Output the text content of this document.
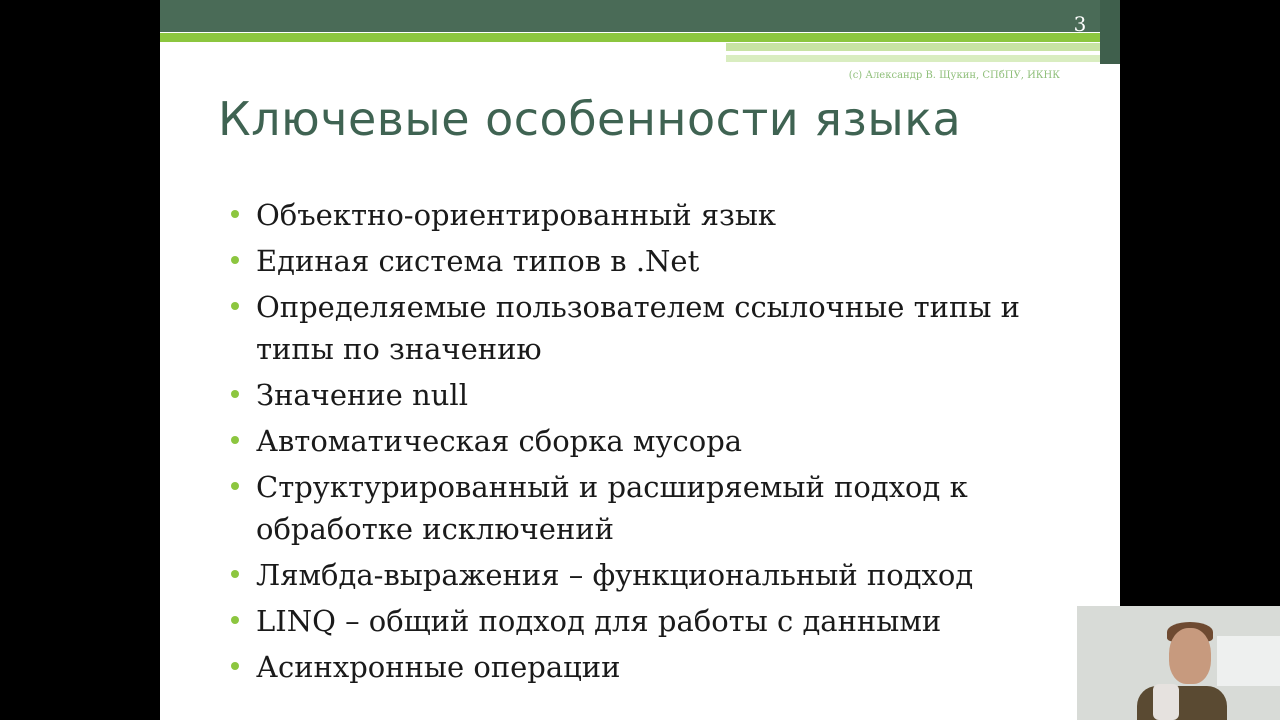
3
(c) Александр В. Щукин, СПбПУ, ИКНК
Ключевые особенности языка
Объектно-ориентированный язык
Единая система типов в .Net
Определяемые пользователем ссылочные типы и типы по значению
Значение null
Автоматическая сборка мусора
Структурированный и расширяемый подход к обработке исключений
Лямбда-выражения – функциональный подход
LINQ – общий подход для работы с данными
Асинхронные операции
